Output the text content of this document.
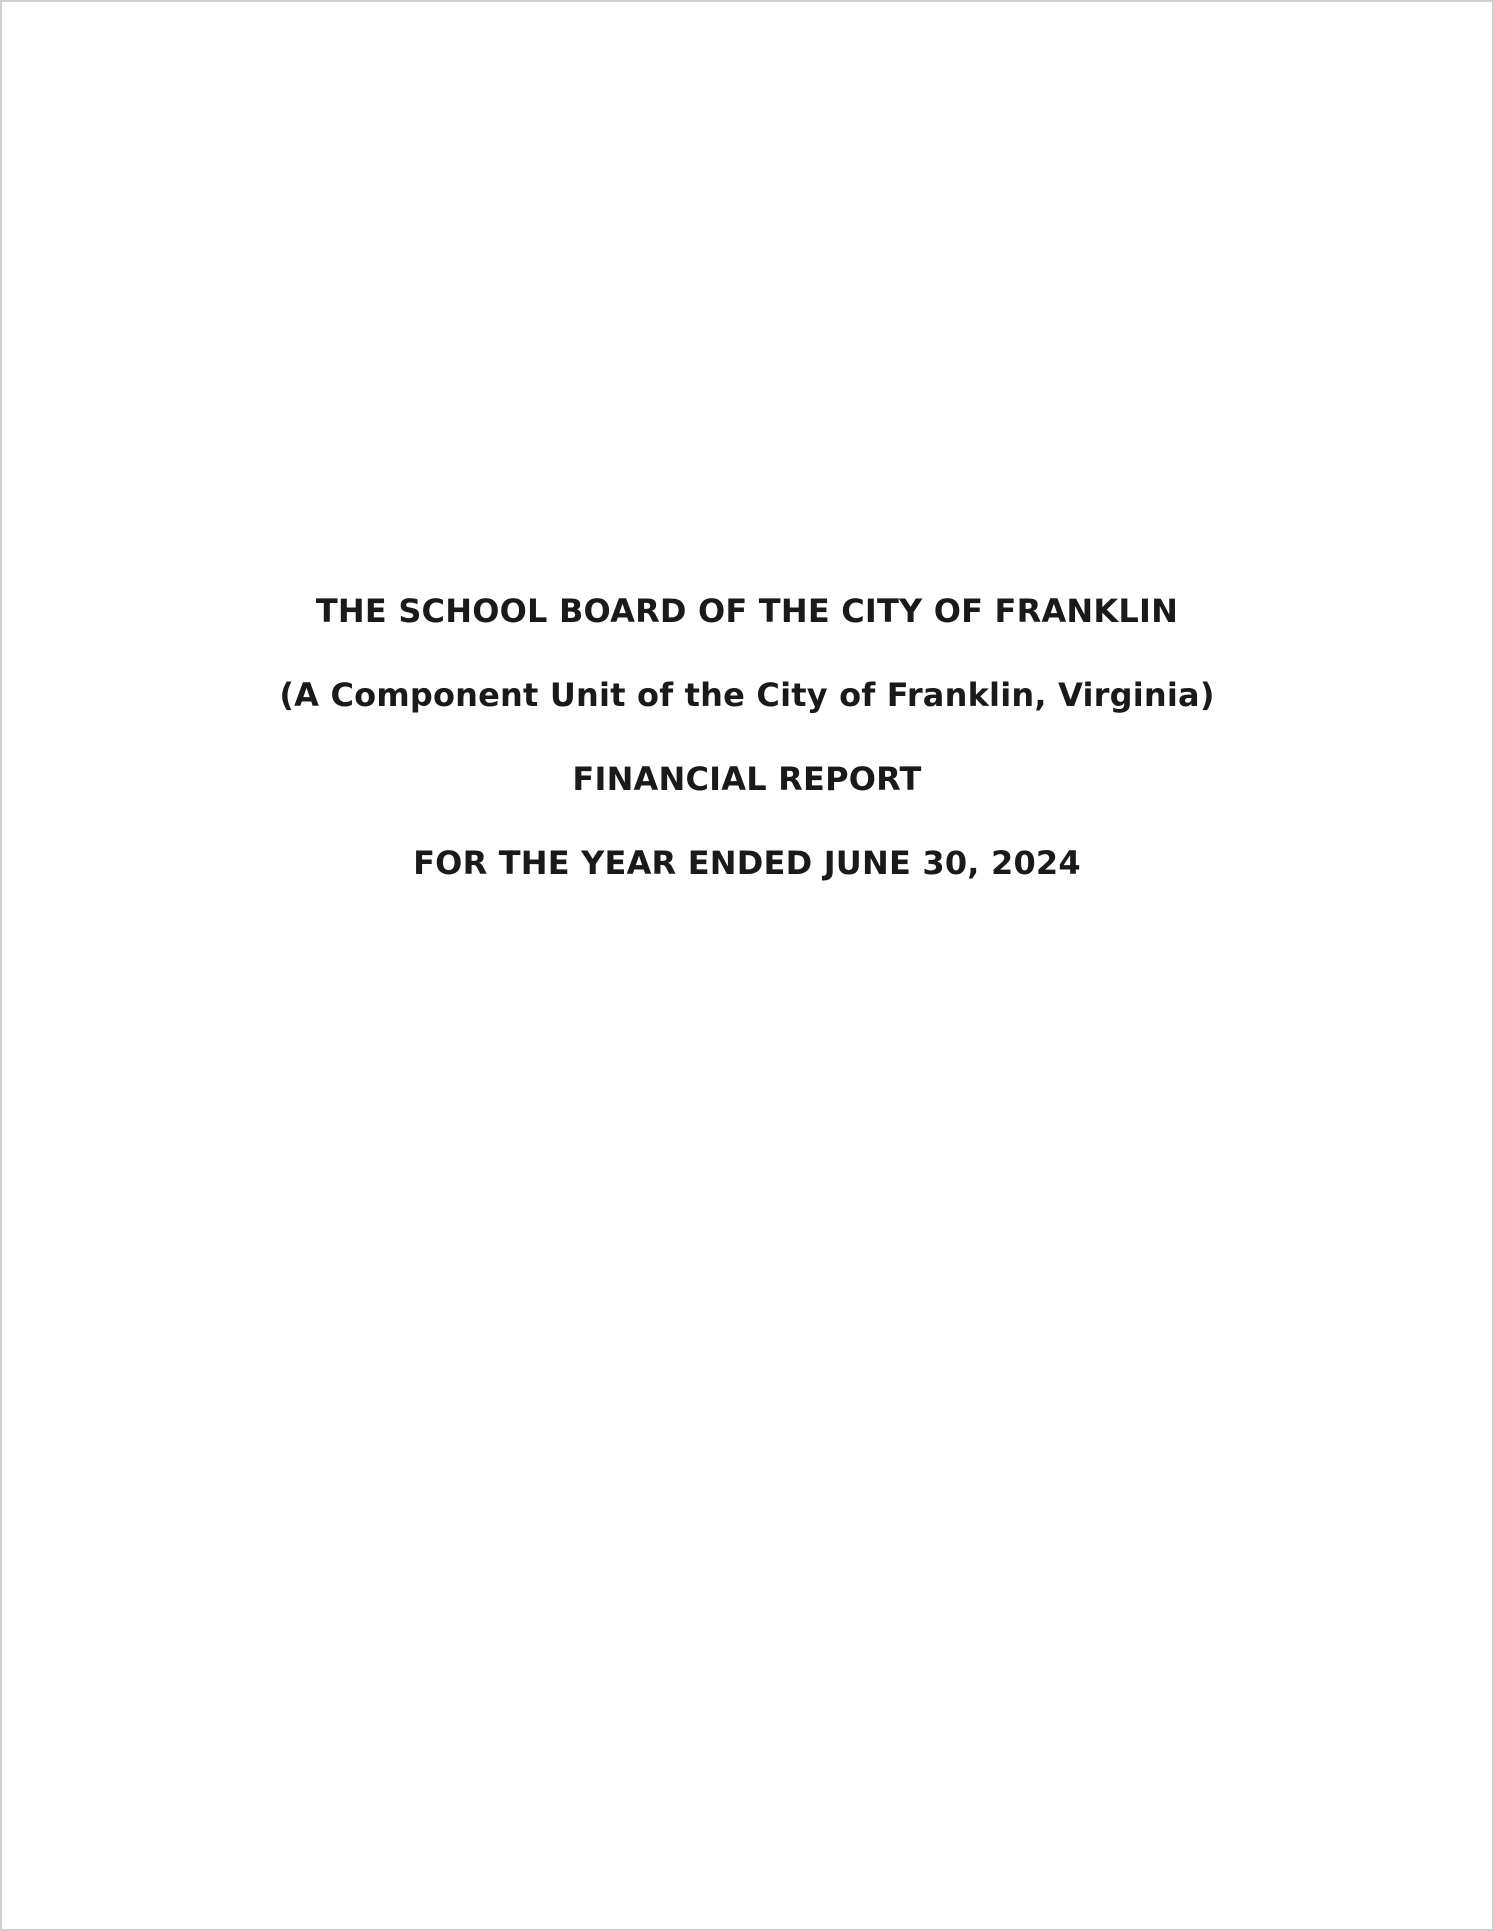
THE SCHOOL BOARD OF THE CITY OF FRANKLIN
(A Component Unit of the City of Franklin, Virginia)
FINANCIAL REPORT
FOR THE YEAR ENDED JUNE 30, 2024
